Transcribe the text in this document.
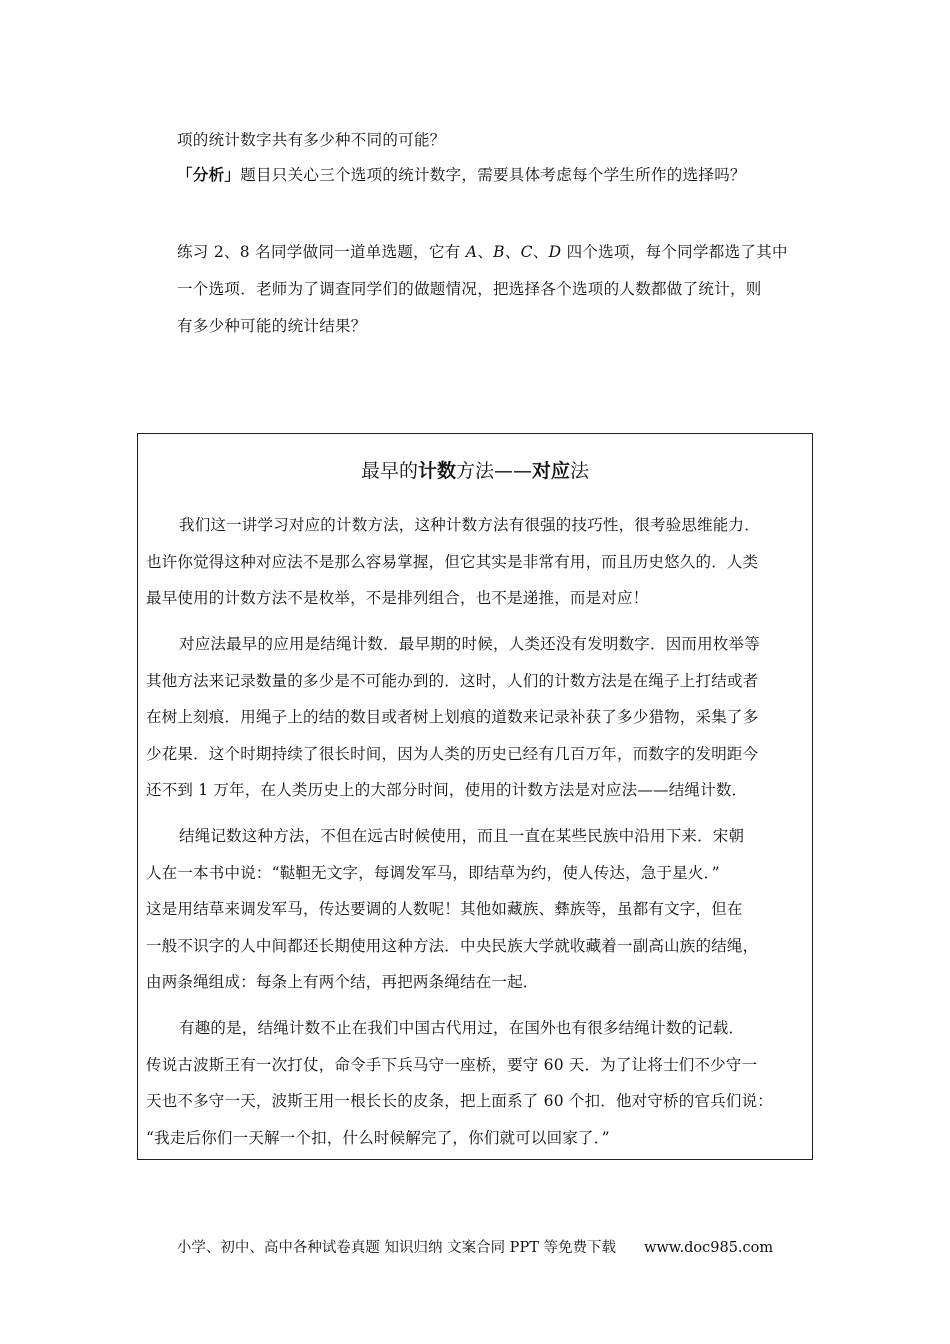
项的统计数字共有多少种不同的可能？
「分析」题目只关心三个选项的统计数字，需要具体考虑每个学生所作的选择吗？
练习 2、8 名同学做同一道单选题，它有 A、B、C、D 四个选项，每个同学都选了其中
一个选项．老师为了调查同学们的做题情况，把选择各个选项的人数都做了统计，则
有多少种可能的统计结果？
最早的计数方法——对应法
我们这一讲学习对应的计数方法，这种计数方法有很强的技巧性，很考验思维能力．
也许你觉得这种对应法不是那么容易掌握，但它其实是非常有用，而且历史悠久的．人类
最早使用的计数方法不是枚举，不是排列组合，也不是递推，而是对应！
对应法最早的应用是结绳计数．最早期的时候，人类还没有发明数字．因而用枚举等
其他方法来记录数量的多少是不可能办到的．这时，人们的计数方法是在绳子上打结或者
在树上刻痕．用绳子上的结的数目或者树上划痕的道数来记录补获了多少猎物，采集了多
少花果．这个时期持续了很长时间，因为人类的历史已经有几百万年，而数字的发明距今
还不到 1 万年，在人类历史上的大部分时间，使用的计数方法是对应法——结绳计数．
结绳记数这种方法，不但在远古时候使用，而且一直在某些民族中沿用下来．宋朝
人在一本书中说：“鞑靼无文字，每调发军马，即结草为约，使人传达，急于星火．”
这是用结草来调发军马，传达要调的人数呢！其他如藏族、彝族等，虽都有文字，但在
一般不识字的人中间都还长期使用这种方法．中央民族大学就收藏着一副高山族的结绳，
由两条绳组成：每条上有两个结，再把两条绳结在一起．
有趣的是，结绳计数不止在我们中国古代用过，在国外也有很多结绳计数的记载．
传说古波斯王有一次打仗，命令手下兵马守一座桥，要守 60 天．为了让将士们不少守一
天也不多守一天，波斯王用一根长长的皮条，把上面系了 60 个扣．他对守桥的官兵们说：
“我走后你们一天解一个扣，什么时候解完了，你们就可以回家了．”
小学、初中、高中各种试卷真题 知识归纳 文案合同 PPT 等免费下载 www.doc985.com
